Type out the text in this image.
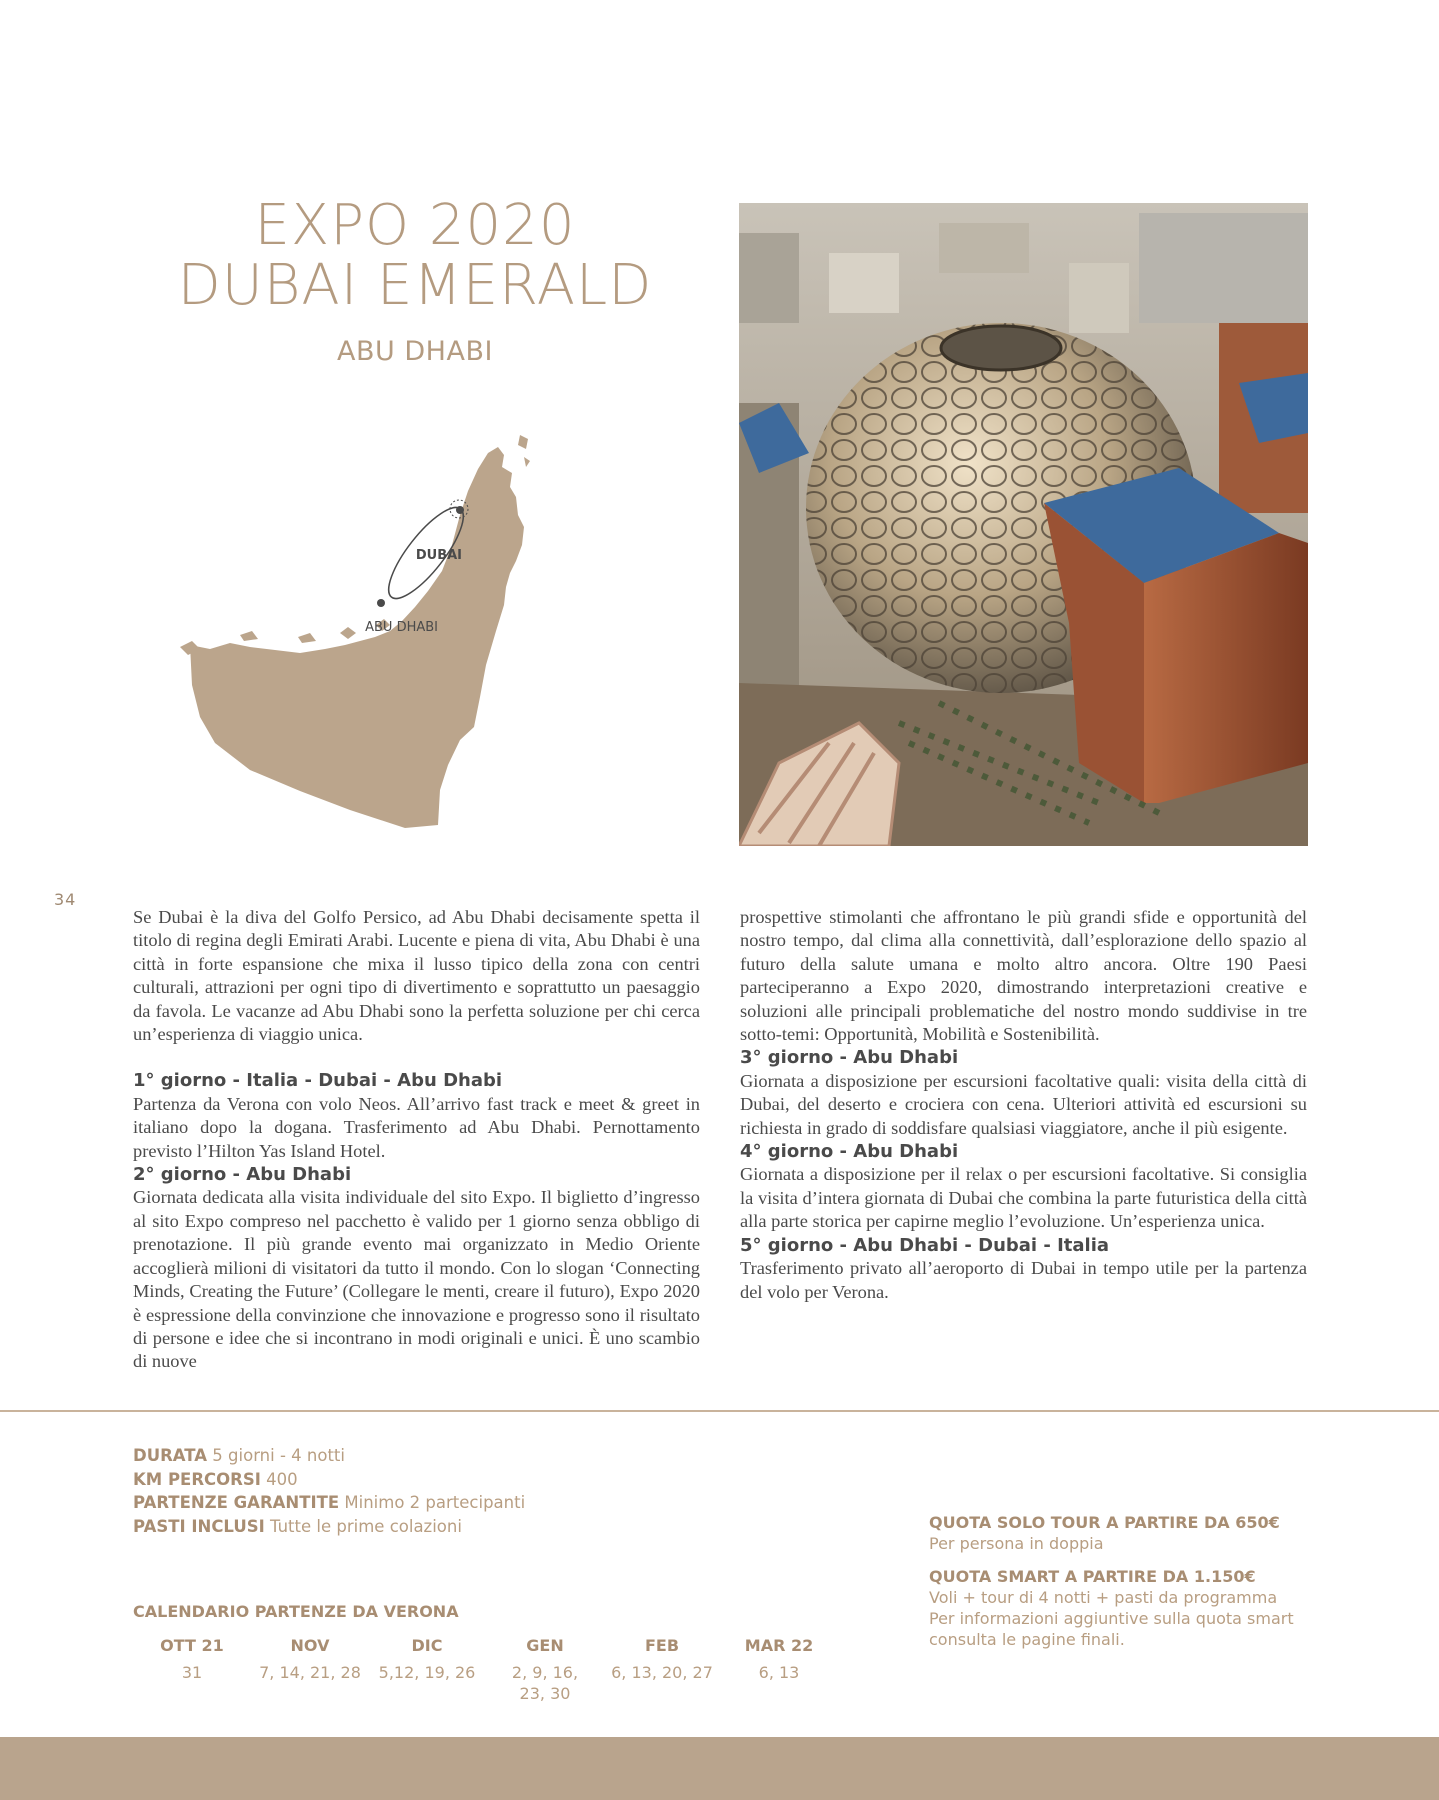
EXPO 2020
DUBAI EMERALD
ABU DHABI
DUBAI
ABU DHABI
34

Se Dubai è la diva del Golfo Persico, ad Abu Dhabi decisamente spetta il titolo di regina degli Emirati Arabi. Lucente e piena di vita, Abu Dhabi è una città in forte espansione che mixa il lusso tipico della zona con centri culturali, attrazioni per ogni tipo di divertimento e soprattutto un paesaggio da favola. Le vacanze ad Abu Dhabi sono la perfetta soluzione per chi cerca un’esperienza di viaggio unica.

1° giorno - Italia - Dubai - Abu Dhabi

Partenza da Verona con volo Neos. All’arrivo fast track e meet & greet in italiano dopo la dogana. Trasferimento ad Abu Dhabi. Pernottamento previsto l’Hilton Yas Island Hotel.

2° giorno - Abu Dhabi

Giornata dedicata alla visita individuale del sito Expo. Il biglietto d’ingresso al sito Expo compreso nel pacchetto è valido per 1 giorno senza obbligo di prenotazione. Il più grande evento mai organizzato in Medio Oriente accoglierà milioni di visitatori da tutto il mondo. Con lo slogan ‘Connecting Minds, Creating the Future’ (Collegare le menti, creare il futuro), Expo 2020 è espressione della convinzione che innovazione e progresso sono il risultato di persone e idee che si incontrano in modi originali e unici. È uno scambio di nuove

prospettive stimolanti che affrontano le più grandi sfide e opportunità del nostro tempo, dal clima alla connettività, dall’esplorazione dello spazio al futuro della salute umana e molto altro ancora. Oltre 190 Paesi parteciperanno a Expo 2020, dimostrando interpretazioni creative e soluzioni alle principali problematiche del nostro mondo suddivise in tre sotto-temi: Opportunità, Mobilità e Sostenibilità.

3° giorno - Abu Dhabi

Giornata a disposizione per escursioni facoltative quali: visita della città di Dubai, del deserto e crociera con cena. Ulteriori attività ed escursioni su richiesta in grado di soddisfare qualsiasi viaggiatore, anche il più esigente.

4° giorno - Abu Dhabi

Giornata a disposizione per il relax o per escursioni facoltative. Si consiglia la visita d’intera giornata di Dubai che combina la parte futuristica della città alla parte storica per capirne meglio l’evoluzione. Un’esperienza unica.

5° giorno - Abu Dhabi - Dubai - Italia

Trasferimento privato all’aeroporto di Dubai in tempo utile per la partenza del volo per Verona.

DURATA 5 giorni - 4 notti
KM PERCORSI 400
PARTENZE GARANTITE Minimo 2 partecipanti
PASTI INCLUSI Tutte le prime colazioni
CALENDARIO PARTENZE DA VERONA
OTT 21
31
NOV
7, 14, 21, 28
DIC
5,12, 19, 26
GEN
2, 9, 16, 23, 30
FEB
6, 13, 20, 27
MAR 22
6, 13
QUOTA SOLO TOUR A PARTIRE DA 650€
Per persona in doppia
QUOTA SMART A PARTIRE DA 1.150€
Voli + tour di 4 notti + pasti da programma
Per informazioni aggiuntive sulla quota smart consulta le pagine finali.
